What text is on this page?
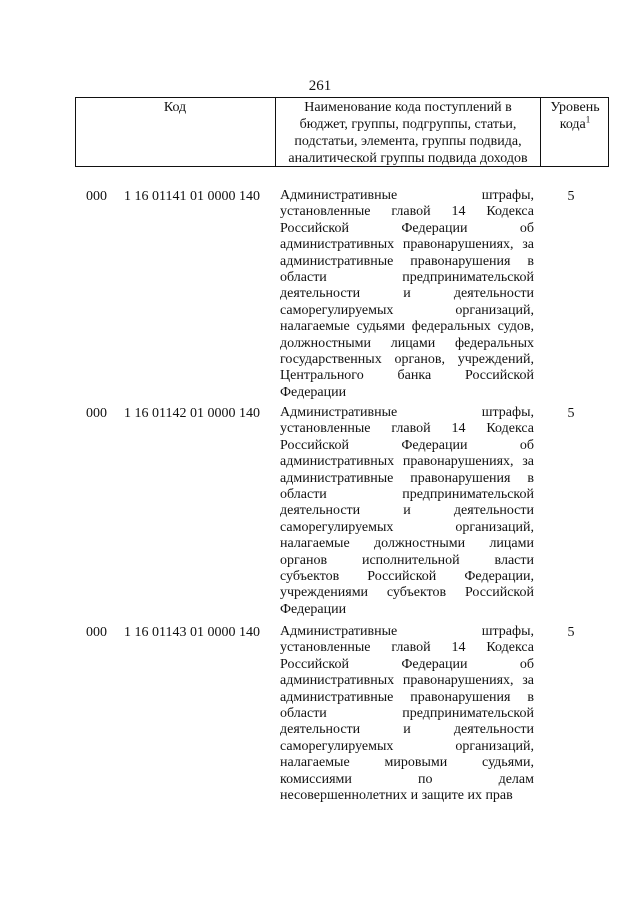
261
Код	Наименование кода поступлений в
бюджет, группы, подгруппы, статьи,
подстатьи, элемента, группы подвида,
аналитической группы подвида доходов
Уровень
кода$^1$
000 1 16 01141 01 0000 140 Административные штрафы,
установленные главой 14 Кодекса
Российской Федерации об
административных правонарушениях, за
административные правонарушения в
области предпринимательской
деятельности и деятельности
саморегулируемых организаций,
налагаемые судьями федеральных судов,
должностными лицами федеральных
государственных органов, учреждений,
Центрального банка Российской
Федерации
5
000 1 16 01142 01 0000 140 Административные штрафы,
установленные главой 14 Кодекса
Российской Федерации об
административных правонарушениях, за
административные правонарушения в
области предпринимательской
деятельности и деятельности
саморегулируемых организаций,
налагаемые должностными лицами
органов исполнительной власти
субъектов Российской Федерации,
учреждениями субъектов Российской
Федерации
5
000 1 16 01143 01 0000 140 Административные штрафы,
установленные главой 14 Кодекса
Российской Федерации об
административных правонарушениях, за
административные правонарушения в
области предпринимательской
деятельности и деятельности
саморегулируемых организаций,
налагаемые мировыми судьями,
комиссиями по делам
несовершеннолетних и защите их прав
5
